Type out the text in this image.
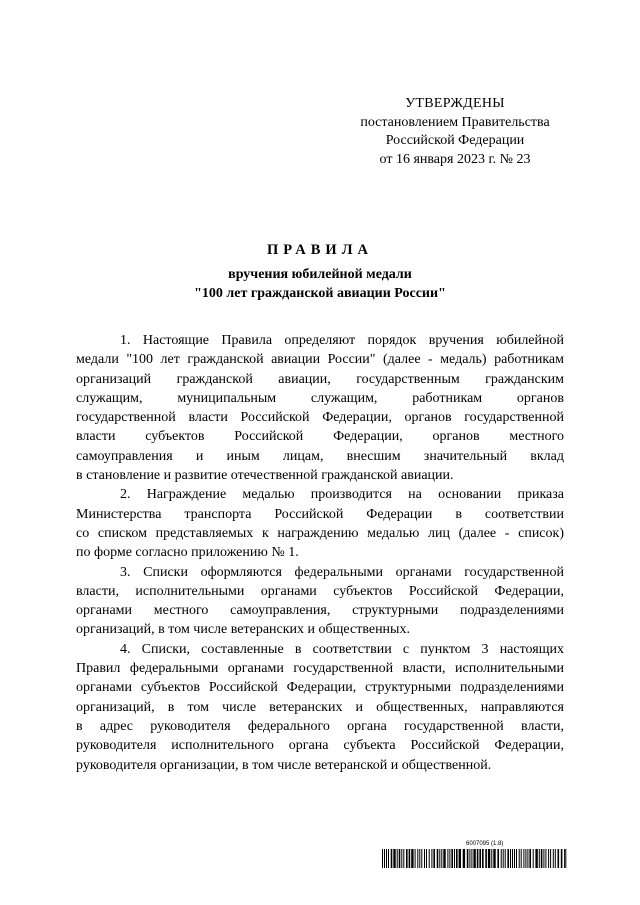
УТВЕРЖДЕНЫ
постановлением Правительства
Российской Федерации
от 16 января 2023 г. № 23
ПРАВИЛА
вручения юбилейной медали
"100 лет гражданской авиации России"
1. Настоящие Правила определяют порядок вручения юбилейной
медали "100 лет гражданской авиации России" (далее - медаль) работникам
организаций гражданской авиации, государственным гражданским
служащим, муниципальным служащим, работникам органов
государственной власти Российской Федерации, органов государственной
власти субъектов Российской Федерации, органов местного
самоуправления и иным лицам, внесшим значительный вклад
в становление и развитие отечественной гражданской авиации.
2. Награждение медалью производится на основании приказа
Министерства транспорта Российской Федерации в соответствии
со списком представляемых к награждению медалью лиц (далее - список)
по форме согласно приложению № 1.
3. Списки оформляются федеральными органами государственной
власти, исполнительными органами субъектов Российской Федерации,
органами местного самоуправления, структурными подразделениями
организаций, в том числе ветеранских и общественных.
4. Списки, составленные в соответствии с пунктом 3 настоящих
Правил федеральными органами государственной власти, исполнительными
органами субъектов Российской Федерации, структурными подразделениями
организаций, в том числе ветеранских и общественных, направляются
в адрес руководителя федерального органа государственной власти,
руководителя исполнительного органа субъекта Российской Федерации,
руководителя организации, в том числе ветеранской и общественной.
6007095 (1.8)
